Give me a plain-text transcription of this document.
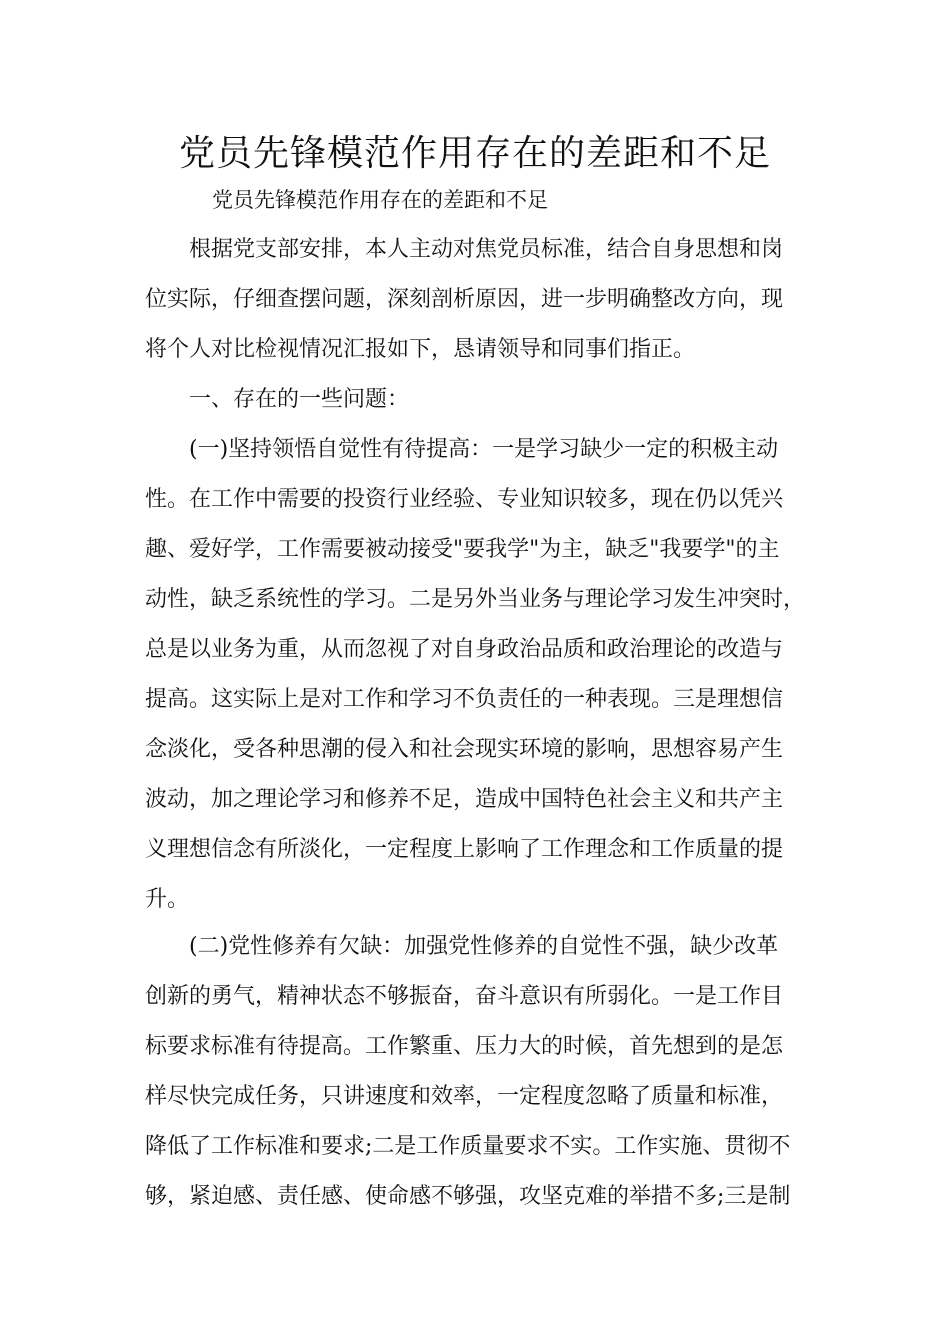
党员先锋模范作用存在的差距和不足
党员先锋模范作用存在的差距和不足
根据党支部安排，本人主动对焦党员标准，结合自身思想和岗
位实际，仔细查摆问题，深刻剖析原因，进一步明确整改方向，现
将个人对比检视情况汇报如下，恳请领导和同事们指正。
一、存在的一些问题：
(一)坚持领悟自觉性有待提高：一是学习缺少一定的积极主动
性。在工作中需要的投资行业经验、专业知识较多，现在仍以凭兴
趣、爱好学，工作需要被动接受"要我学"为主，缺乏"我要学"的主
动性，缺乏系统性的学习。二是另外当业务与理论学习发生冲突时，
总是以业务为重，从而忽视了对自身政治品质和政治理论的改造与
提高。这实际上是对工作和学习不负责任的一种表现。三是理想信
念淡化，受各种思潮的侵入和社会现实环境的影响，思想容易产生
波动，加之理论学习和修养不足，造成中国特色社会主义和共产主
义理想信念有所淡化，一定程度上影响了工作理念和工作质量的提
升。
(二)党性修养有欠缺：加强党性修养的自觉性不强，缺少改革
创新的勇气，精神状态不够振奋，奋斗意识有所弱化。一是工作目
标要求标准有待提高。工作繁重、压力大的时候，首先想到的是怎
样尽快完成任务，只讲速度和效率，一定程度忽略了质量和标准，
降低了工作标准和要求;二是工作质量要求不实。工作实施、贯彻不
够，紧迫感、责任感、使命感不够强，攻坚克难的举措不多;三是制
